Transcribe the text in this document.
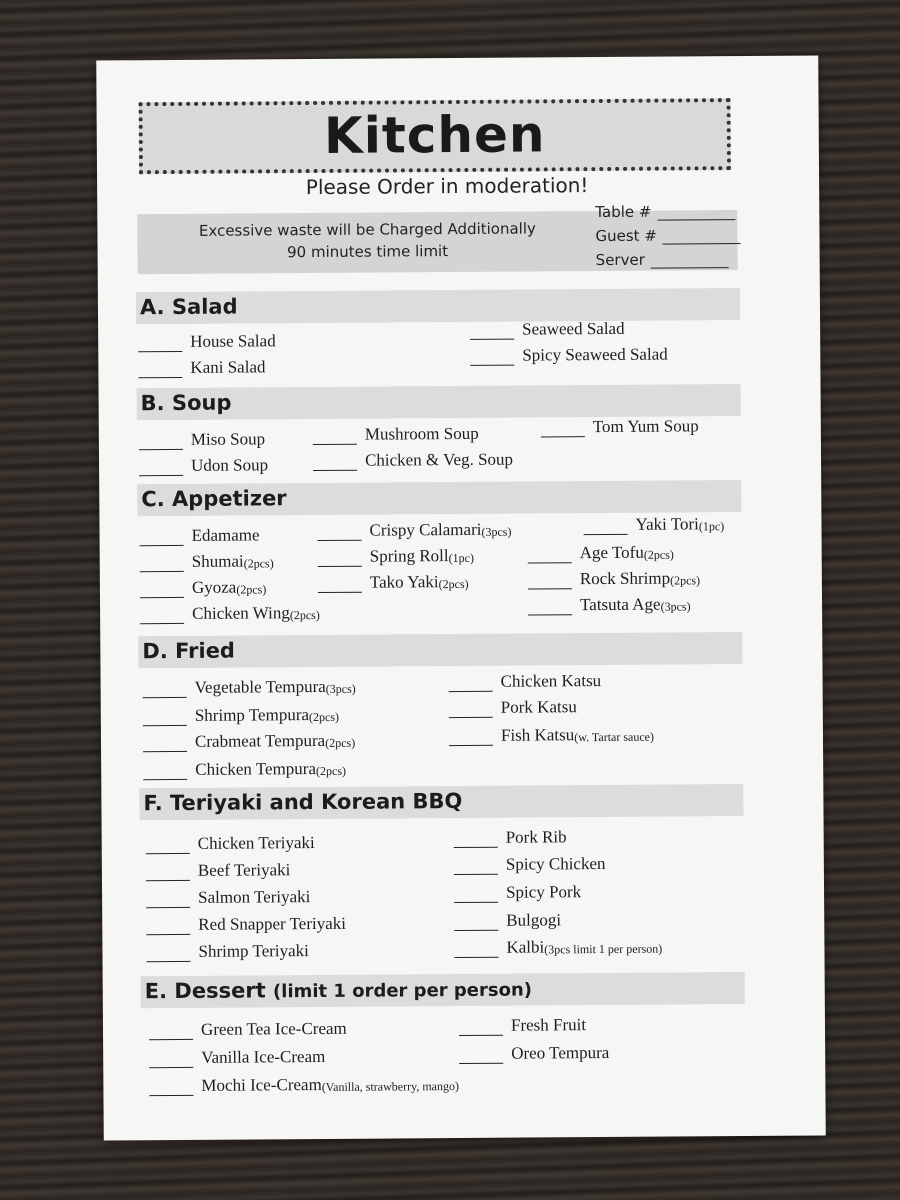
Kitchen
Please Order in moderation!
Excessive waste will be Charged Additionally
90 minutes time limit
Table #
Guest #
Server
A. Salad
House Salad
Kani Salad
Seaweed Salad
Spicy Seaweed Salad
B. Soup
Miso Soup
Udon Soup
Mushroom Soup
Chicken & Veg. Soup
Tom Yum Soup
C. Appetizer
Edamame
Shumai (2pcs)
Gyoza (2pcs)
Chicken Wing (2pcs)
Crispy Calamari (3pcs)
Spring Roll (1pc)
Tako Yaki (2pcs)
Yaki Tori (1pc)
Age Tofu (2pcs)
Rock Shrimp (2pcs)
Tatsuta Age (3pcs)
D. Fried
Vegetable Tempura (3pcs)
Shrimp Tempura (2pcs)
Crabmeat Tempura (2pcs)
Chicken Tempura (2pcs)
Chicken Katsu
Pork Katsu
Fish Katsu (w. Tartar sauce)
F. Teriyaki and Korean BBQ
Chicken Teriyaki
Beef Teriyaki
Salmon Teriyaki
Red Snapper Teriyaki
Shrimp Teriyaki
Pork Rib
Spicy Chicken
Spicy Pork
Bulgogi
Kalbi (3pcs limit 1 per person)
E. Dessert (limit 1 order per person)
Green Tea Ice-Cream
Vanilla Ice-Cream
Mochi Ice-Cream (Vanilla, strawberry, mango)
Fresh Fruit
Oreo Tempura
